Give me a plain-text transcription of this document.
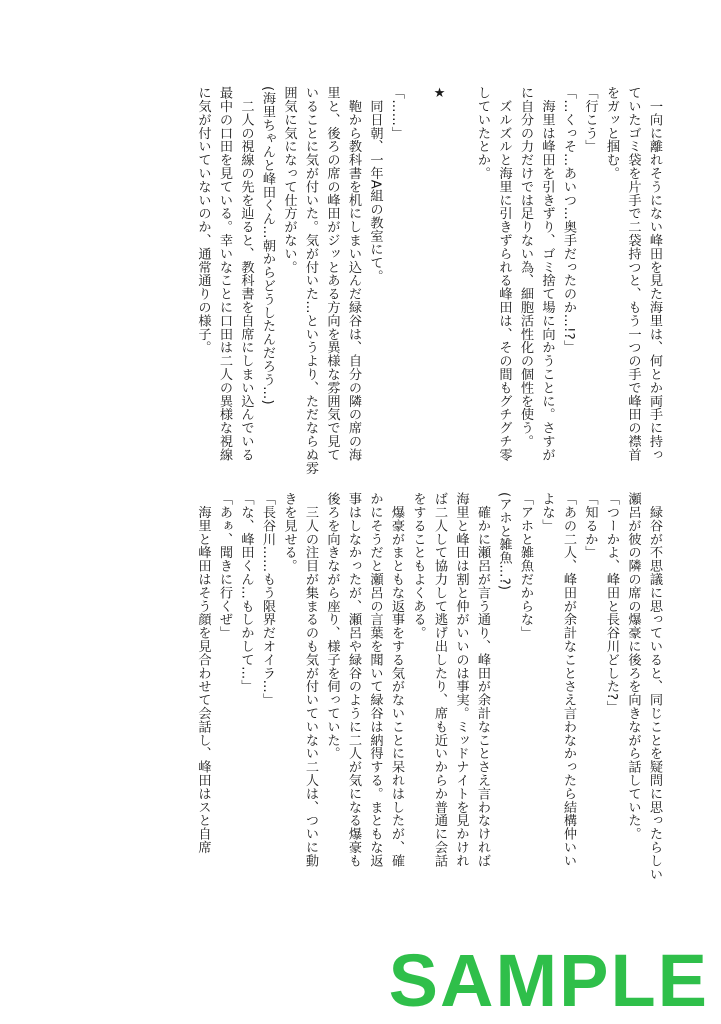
　一向に離れそうにない峰田を見た海里は、何とか両手に持っ

ていたゴミ袋を片手で二袋持つと、もう一つの手で峰田の襟首

をガッと掴む。

「行こう」

「…くっそ…あいつ…奥手だったのか…!?」

　海里は峰田を引きずり、ゴミ捨て場に向かうことに。さすが

に自分の力だけでは足りない為、細胞活性化の個性を使う。

　ズルズルと海里に引きずられる峰田は、その間もグチグチ零

していたとか。

★

「……」

　同日朝、一年A組の教室にて。

　鞄から教科書を机にしまい込んだ緑谷は、自分の隣の席の海

里と、後ろの席の峰田がジッとある方向を異様な雰囲気で見て

いることに気が付いた。気が付いた…というより、ただならぬ雰

囲気に気になって仕方がない。

(海里ちゃんと峰田くん…朝からどうしたんだろう…)

　二人の視線の先を辿ると、教科書を自席にしまい込んでいる

最中の口田を見ている。幸いなことに口田は二人の異様な視線

に気が付いていないのか、通常通りの様子。

　緑谷が不思議に思っていると、同じことを疑問に思ったらしい

瀬呂が彼の隣の席の爆豪に後ろを向きながら話していた。

「つーかよ、峰田と長谷川どした?」

「知るか」

「あの二人、峰田が余計なことさえ言わなかったら結構仲いい

よな」

「アホと雑魚だからな」

(アホと雑魚…?)

　確かに瀬呂が言う通り、峰田が余計なことさえ言わなければ

海里と峰田は割と仲がいいのは事実。ミッドナイトを見かけれ

ば二人して協力して逃げ出したり、席も近いからか普通に会話

をすることもよくある。

　爆豪がまともな返事をする気がないことに呆れはしたが、確

かにそうだと瀬呂の言葉を聞いて緑谷は納得する。まともな返

事はしなかったが、瀬呂や緑谷のように二人が気になる爆豪も

後ろを向きながら座り、様子を伺っていた。

　三人の注目が集まるのも気が付いていない二人は、ついに動

きを見せる。

「長谷川……もう限界だオイラ…」

「な、峰田くん…もしかして…」

「あぁ、聞きに行くぜ」

　海里と峰田はそう顔を見合わせて会話し、峰田はスと自席

SAMPLE
